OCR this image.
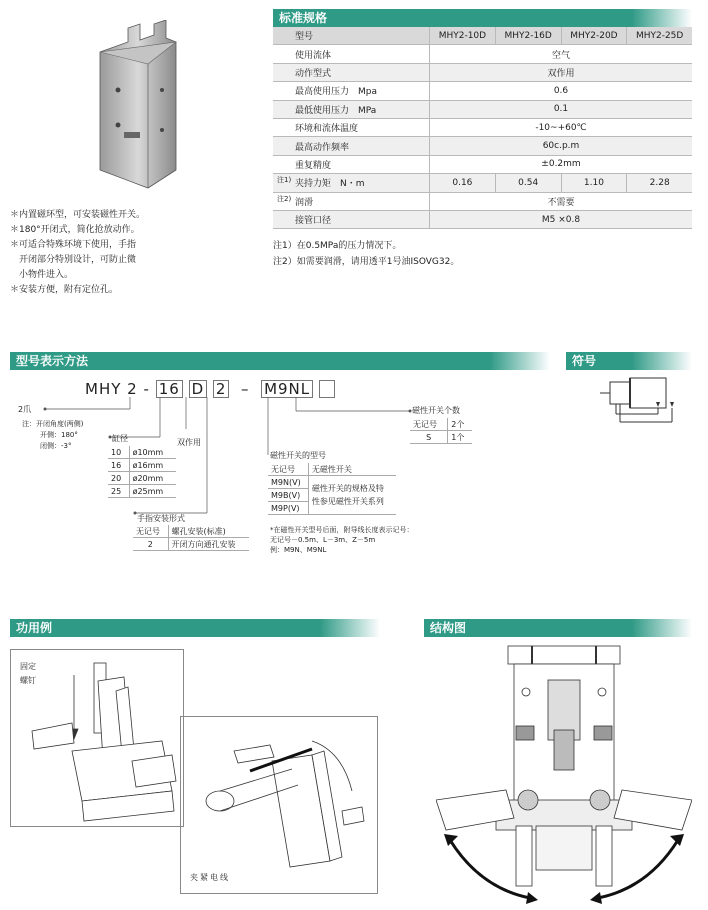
＊内置磁环型，可安装磁性开关。
＊180°开闭式，简化抢放动作。
＊可适合特殊环境下使用，手指
　开闭部分特别设计，可防止微
　小物件进入。
＊安装方便，附有定位孔。
标准规格
型号	MHY2-10D	MHY2-16D	MHY2-20D	MHY2-25D
使用流体	空气			
动作型式	双作用			
最高使用压力　Mpa	0.6			
最低使用压力　MPa	0.1			
环境和流体温度	-10~+60℃			
最高动作频率	60c.p.m			
重复精度	±0.2mm			

注1) 夹持力矩　N・m	0.16	0.54	1.10	2.28

注2) 润滑	不需要			
接管口径	M5 ×0.8			
注1）在0.5MPa的压力情况下。
注2）如需要润滑，请用透平1号油ISOVG32。
型号表示方法	符号
MHY 2 - 16 D 2 – M9NL
2爪
注：开闭角度(两侧)
开侧：180°
闭侧：-3°
缸径
10	ø10mm
16	ø16mm
20	ø20mm
25	ø25mm
双作用
手指安装形式
无记号	螺孔安装(标准)
2	开闭方向通孔安装
磁性开关的型号
无记号	无磁性开关
M9N(V)	磁性开关的规格及特
性参见磁性开关系列

M9B(V)	
M9P(V)	
*在磁性开关型号后面，附导线长度表示记号：
无记号－0.5m、L－3m、Z－5m
例：M9N、M9NL
磁性开关个数
无记号	2个
S	1个
功用例
固定
螺钉
夹紧电线
结构图
